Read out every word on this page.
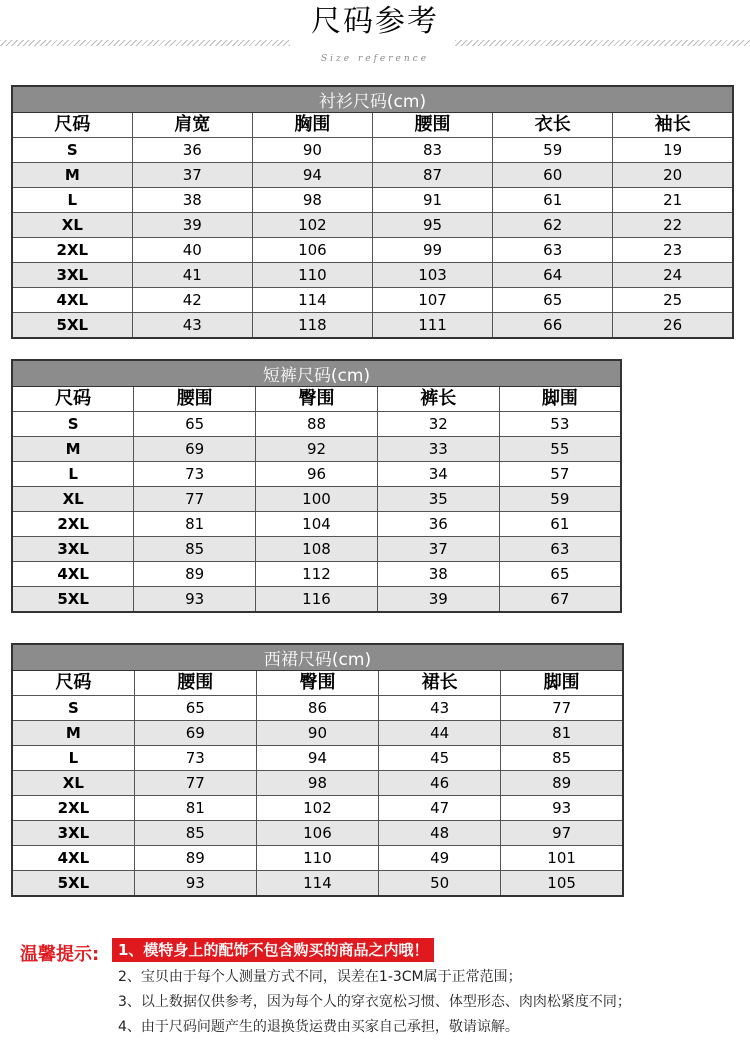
尺码参考
Size reference
衬衫尺码(cm)					
尺码	肩宽	胸围	腰围	衣长	袖长
S	36	90	83	59	19
M	37	94	87	60	20
L	38	98	91	61	21
XL	39	102	95	62	22
2XL	40	106	99	63	23
3XL	41	110	103	64	24
4XL	42	114	107	65	25
5XL	43	118	111	66	26
短裤尺码(cm)				
尺码	腰围	臀围	裤长	脚围
S	65	88	32	53
M	69	92	33	55
L	73	96	34	57
XL	77	100	35	59
2XL	81	104	36	61
3XL	85	108	37	63
4XL	89	112	38	65
5XL	93	116	39	67
西裙尺码(cm)				
尺码	腰围	臀围	裙长	脚围
S	65	86	43	77
M	69	90	44	81
L	73	94	45	85
XL	77	98	46	89
2XL	81	102	47	93
3XL	85	106	48	97
4XL	89	110	49	101
5XL	93	114	50	105
温馨提示:	1、模特身上的配饰不包含购买的商品之内哦！
2、宝贝由于每个人测量方式不同，误差在1-3CM属于正常范围；
3、以上数据仅供参考，因为每个人的穿衣宽松习惯、体型形态、肉肉松紧度不同；
4、由于尺码问题产生的退换货运费由买家自己承担，敬请谅解。
